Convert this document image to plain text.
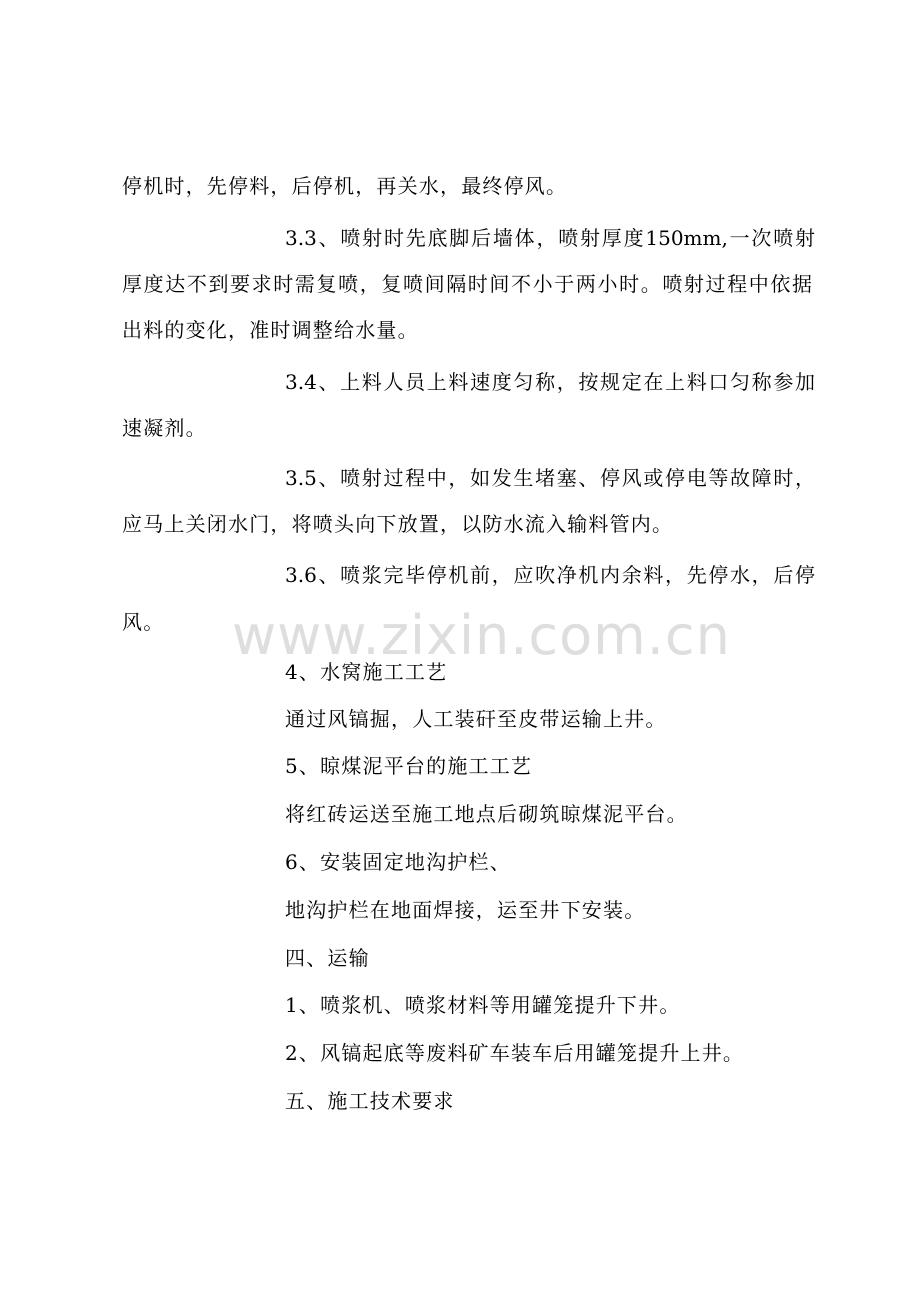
停机时，先停料，后停机，再关水，最终停风。
3.3、喷射时先底脚后墙体，喷射厚度150mm,一次喷射
厚度达不到要求时需复喷，复喷间隔时间不小于两小时。喷射过程中依据
出料的变化，准时调整给水量。
3.4、上料人员上料速度匀称，按规定在上料口匀称参加
速凝剂。
3.5、喷射过程中，如发生堵塞、停风或停电等故障时，
应马上关闭水门，将喷头向下放置，以防水流入输料管内。
3.6、喷浆完毕停机前，应吹净机内余料，先停水，后停
风。
4、水窝施工工艺
通过风镐掘，人工装矸至皮带运输上井。
5、晾煤泥平台的施工工艺
将红砖运送至施工地点后砌筑晾煤泥平台。
6、安装固定地沟护栏、
地沟护栏在地面焊接，运至井下安装。
四、运输
1、喷浆机、喷浆材料等用罐笼提升下井。
2、风镐起底等废料矿车装车后用罐笼提升上井。
五、施工技术要求
www.zixin.com.cn
